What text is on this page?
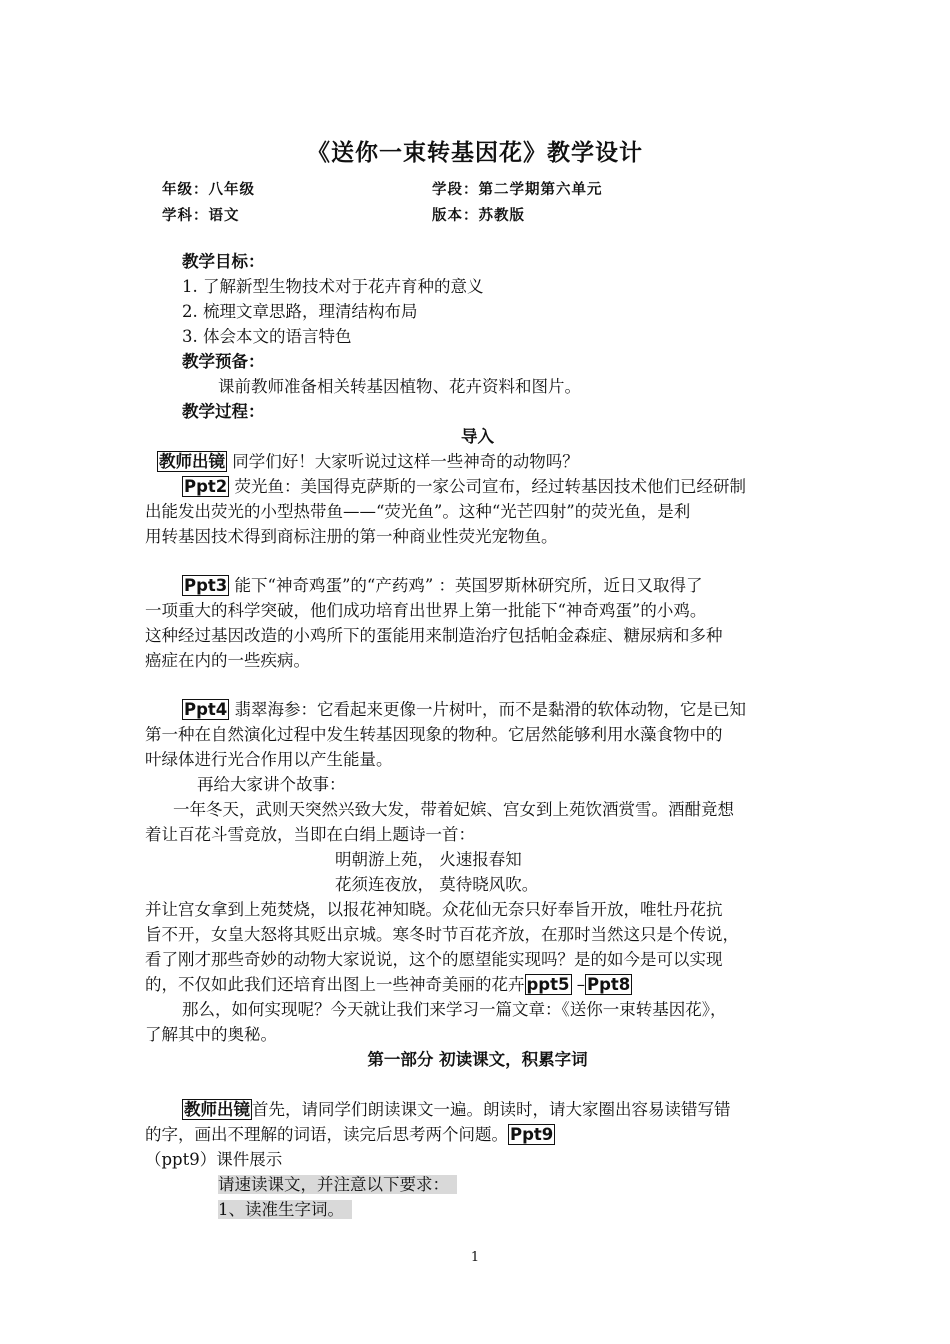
《送你一束转基因花》教学设计
年级：八年级	学段：第二学期第六单元
学科：语文	版本：苏教版
教学目标：
1. 了解新型生物技术对于花卉育种的意义
2. 梳理文章思路，理清结构布局
3. 体会本文的语言特色
教学预备：
课前教师准备相关转基因植物、花卉资料和图片。
教学过程：
导入
教师出镜 同学们好！大家听说过这样一些神奇的动物吗？
Ppt2 荧光鱼：美国得克萨斯的一家公司宣布，经过转基因技术他们已经研制
出能发出荧光的小型热带鱼——“荧光鱼”。这种“光芒四射”的荧光鱼，是利
用转基因技术得到商标注册的第一种商业性荧光宠物鱼。
Ppt3 能下“神奇鸡蛋”的“产药鸡” ：英国罗斯林研究所，近日又取得了
一项重大的科学突破，他们成功培育出世界上第一批能下“神奇鸡蛋”的小鸡。
这种经过基因改造的小鸡所下的蛋能用来制造治疗包括帕金森症、糖尿病和多种
癌症在内的一些疾病。
Ppt4 翡翠海参：它看起来更像一片树叶，而不是黏滑的软体动物，它是已知
第一种在自然演化过程中发生转基因现象的物种。它居然能够利用水藻食物中的
叶绿体进行光合作用以产生能量。
再给大家讲个故事：
一年冬天，武则天突然兴致大发，带着妃嫔、宫女到上苑饮酒赏雪。酒酣竟想
着让百花斗雪竞放，当即在白绢上题诗一首：
明朝游上苑， 火速报春知
花须连夜放， 莫待晓风吹。
并让宫女拿到上苑焚烧，以报花神知晓。众花仙无奈只好奉旨开放，唯牡丹花抗
旨不开，女皇大怒将其贬出京城。寒冬时节百花齐放，在那时当然这只是个传说，
看了刚才那些奇妙的动物大家说说，这个的愿望能实现吗？是的如今是可以实现
的，不仅如此我们还培育出图上一些神奇美丽的花卉 ppt5 – Ppt8
那么，如何实现呢？今天就让我们来学习一篇文章：《送你一束转基因花》，
了解其中的奥秘。
第一部分 初读课文，积累字词
教师出镜 首先，请同学们朗读课文一遍。朗读时，请大家圈出容易读错写错
的字，画出不理解的词语，读完后思考两个问题。 Ppt9
（ppt9）课件展示
请速读课文，并注意以下要求：
1、读准生字词。
1
